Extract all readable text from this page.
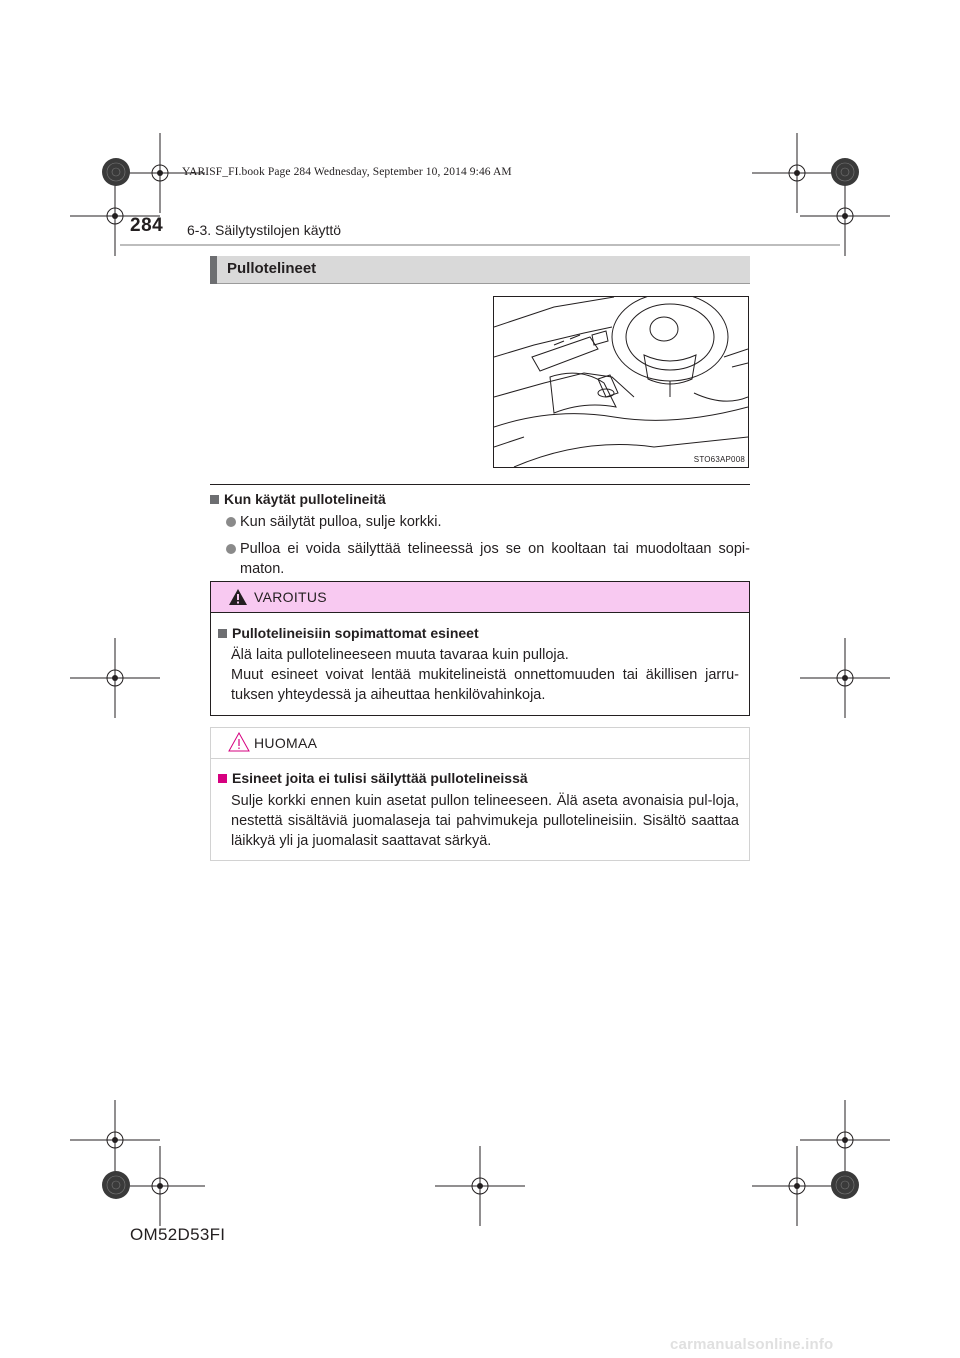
YARISF_FI.book Page 284 Wednesday, September 10, 2014 9:46 AM
284 6-3. Säilytystilojen käyttö
Pullotelineet
STO63AP008
Kun käytät pullotelineitä
Kun säilytät pulloa, sulje korkki.
Pulloa ei voida säilyttää telineessä jos se on kooltaan tai muodoltaan sopi-maton.
VAROITUS
Pullotelineisiin sopimattomat esineet
Älä laita pullotelineeseen muuta tavaraa kuin pulloja.
Muut esineet voivat lentää mukitelineistä onnettomuuden tai äkillisen jarru-tuksen yhteydessä ja aiheuttaa henkilövahinkoja.
HUOMAA
Esineet joita ei tulisi säilyttää pullotelineissä
Sulje korkki ennen kuin asetat pullon telineeseen. Älä aseta avonaisia pul-loja, nestettä sisältäviä juomalaseja tai pahvimukeja pullotelineisiin. Sisältö saattaa läikkyä yli ja juomalasit saattavat särkyä.
OM52D53FI
carmanualsonline.info
